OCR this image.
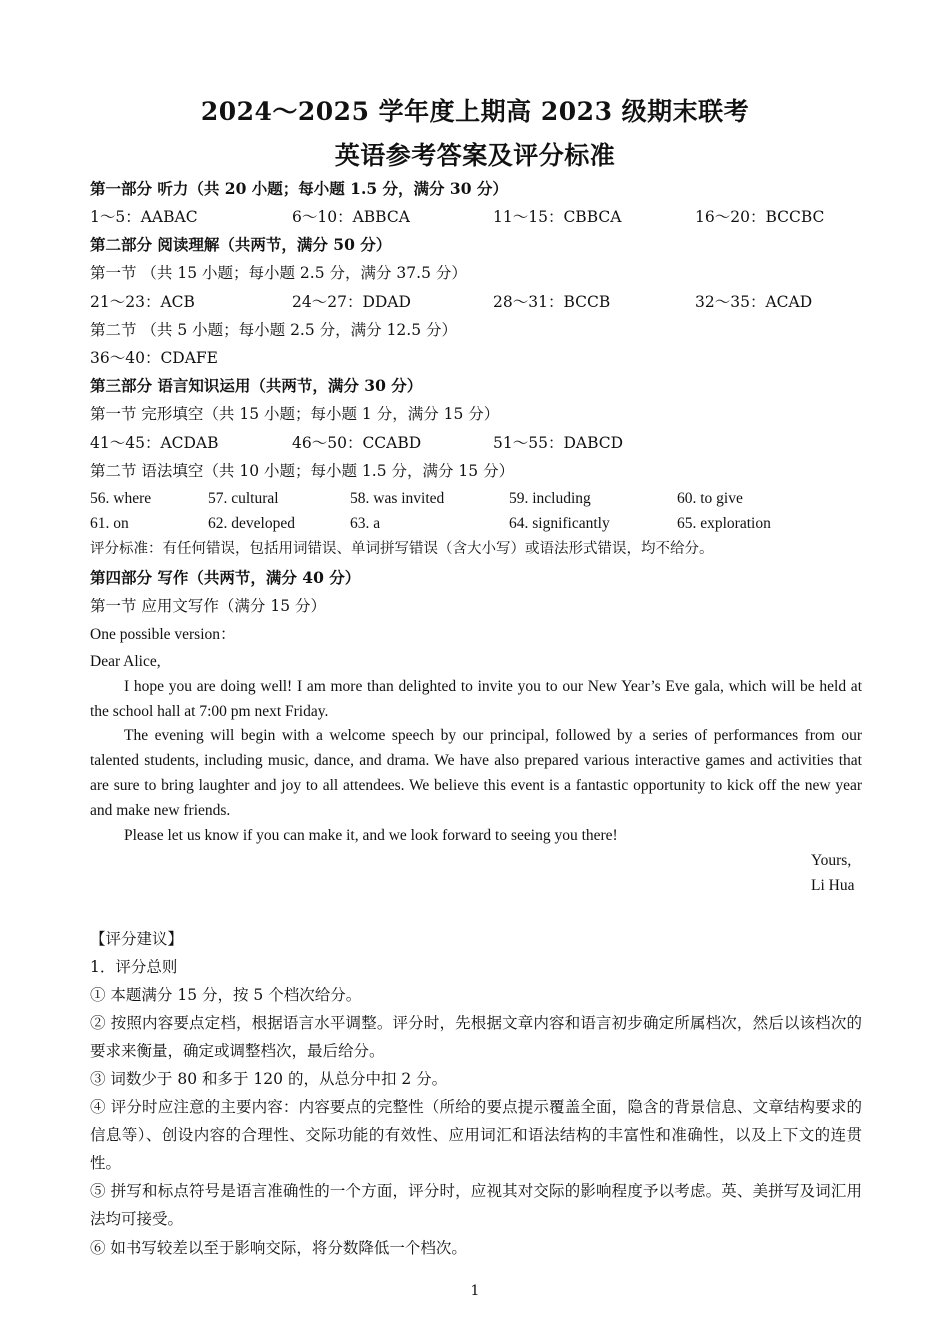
2024～2025 学年度上期高 2023 级期末联考
英语参考答案及评分标准
第一部分 听力（共 20 小题；每小题 1.5 分，满分 30 分）
1～5：AABAC	6～10：ABBCA	11～15：CBBCA	16～20：BCCBC
第二部分 阅读理解（共两节，满分 50 分）
第一节 （共 15 小题；每小题 2.5 分，满分 37.5 分）
21～23：ACB	24～27：DDAD	28～31：BCCB	32～35：ACAD
第二节 （共 5 小题；每小题 2.5 分，满分 12.5 分）
36～40：CDAFE
第三部分 语言知识运用（共两节，满分 30 分）
第一节 完形填空（共 15 小题；每小题 1 分，满分 15 分）
41～45：ACDAB	46～50：CCABD	51～55：DABCD
第二节 语法填空（共 10 小题；每小题 1.5 分，满分 15 分）
56. where	57. cultural	58. was invited	59. including	60. to give
61. on	62. developed	63. a	64. significantly	65. exploration
评分标准：有任何错误，包括用词错误、单词拼写错误（含大小写）或语法形式错误，均不给分。
第四部分 写作（共两节，满分 40 分）
第一节 应用文写作（满分 15 分）
One possible version：
Dear Alice,
I hope you are doing well! I am more than delighted to invite you to our New Year’s Eve gala, which will be held at the school hall at 7:00 pm next Friday.
The evening will begin with a welcome speech by our principal, followed by a series of performances from our talented students, including music, dance, and drama. We have also prepared various interactive games and activities that are sure to bring laughter and joy to all attendees. We believe this event is a fantastic opportunity to kick off the new year and make new friends.
Please let us know if you can make it, and we look forward to seeing you there!
Yours,
Li Hua
【评分建议】
1．评分总则
① 本题满分 15 分，按 5 个档次给分。
② 按照内容要点定档，根据语言水平调整。评分时，先根据文章内容和语言初步确定所属档次，然后以该档次的要求来衡量，确定或调整档次，最后给分。
③ 词数少于 80 和多于 120 的，从总分中扣 2 分。
④ 评分时应注意的主要内容：内容要点的完整性（所给的要点提示覆盖全面，隐含的背景信息、文章结构要求的信息等）、创设内容的合理性、交际功能的有效性、应用词汇和语法结构的丰富性和准确性，以及上下文的连贯性。
⑤ 拼写和标点符号是语言准确性的一个方面，评分时，应视其对交际的影响程度予以考虑。英、美拼写及词汇用法均可接受。
⑥ 如书写较差以至于影响交际，将分数降低一个档次。
1
